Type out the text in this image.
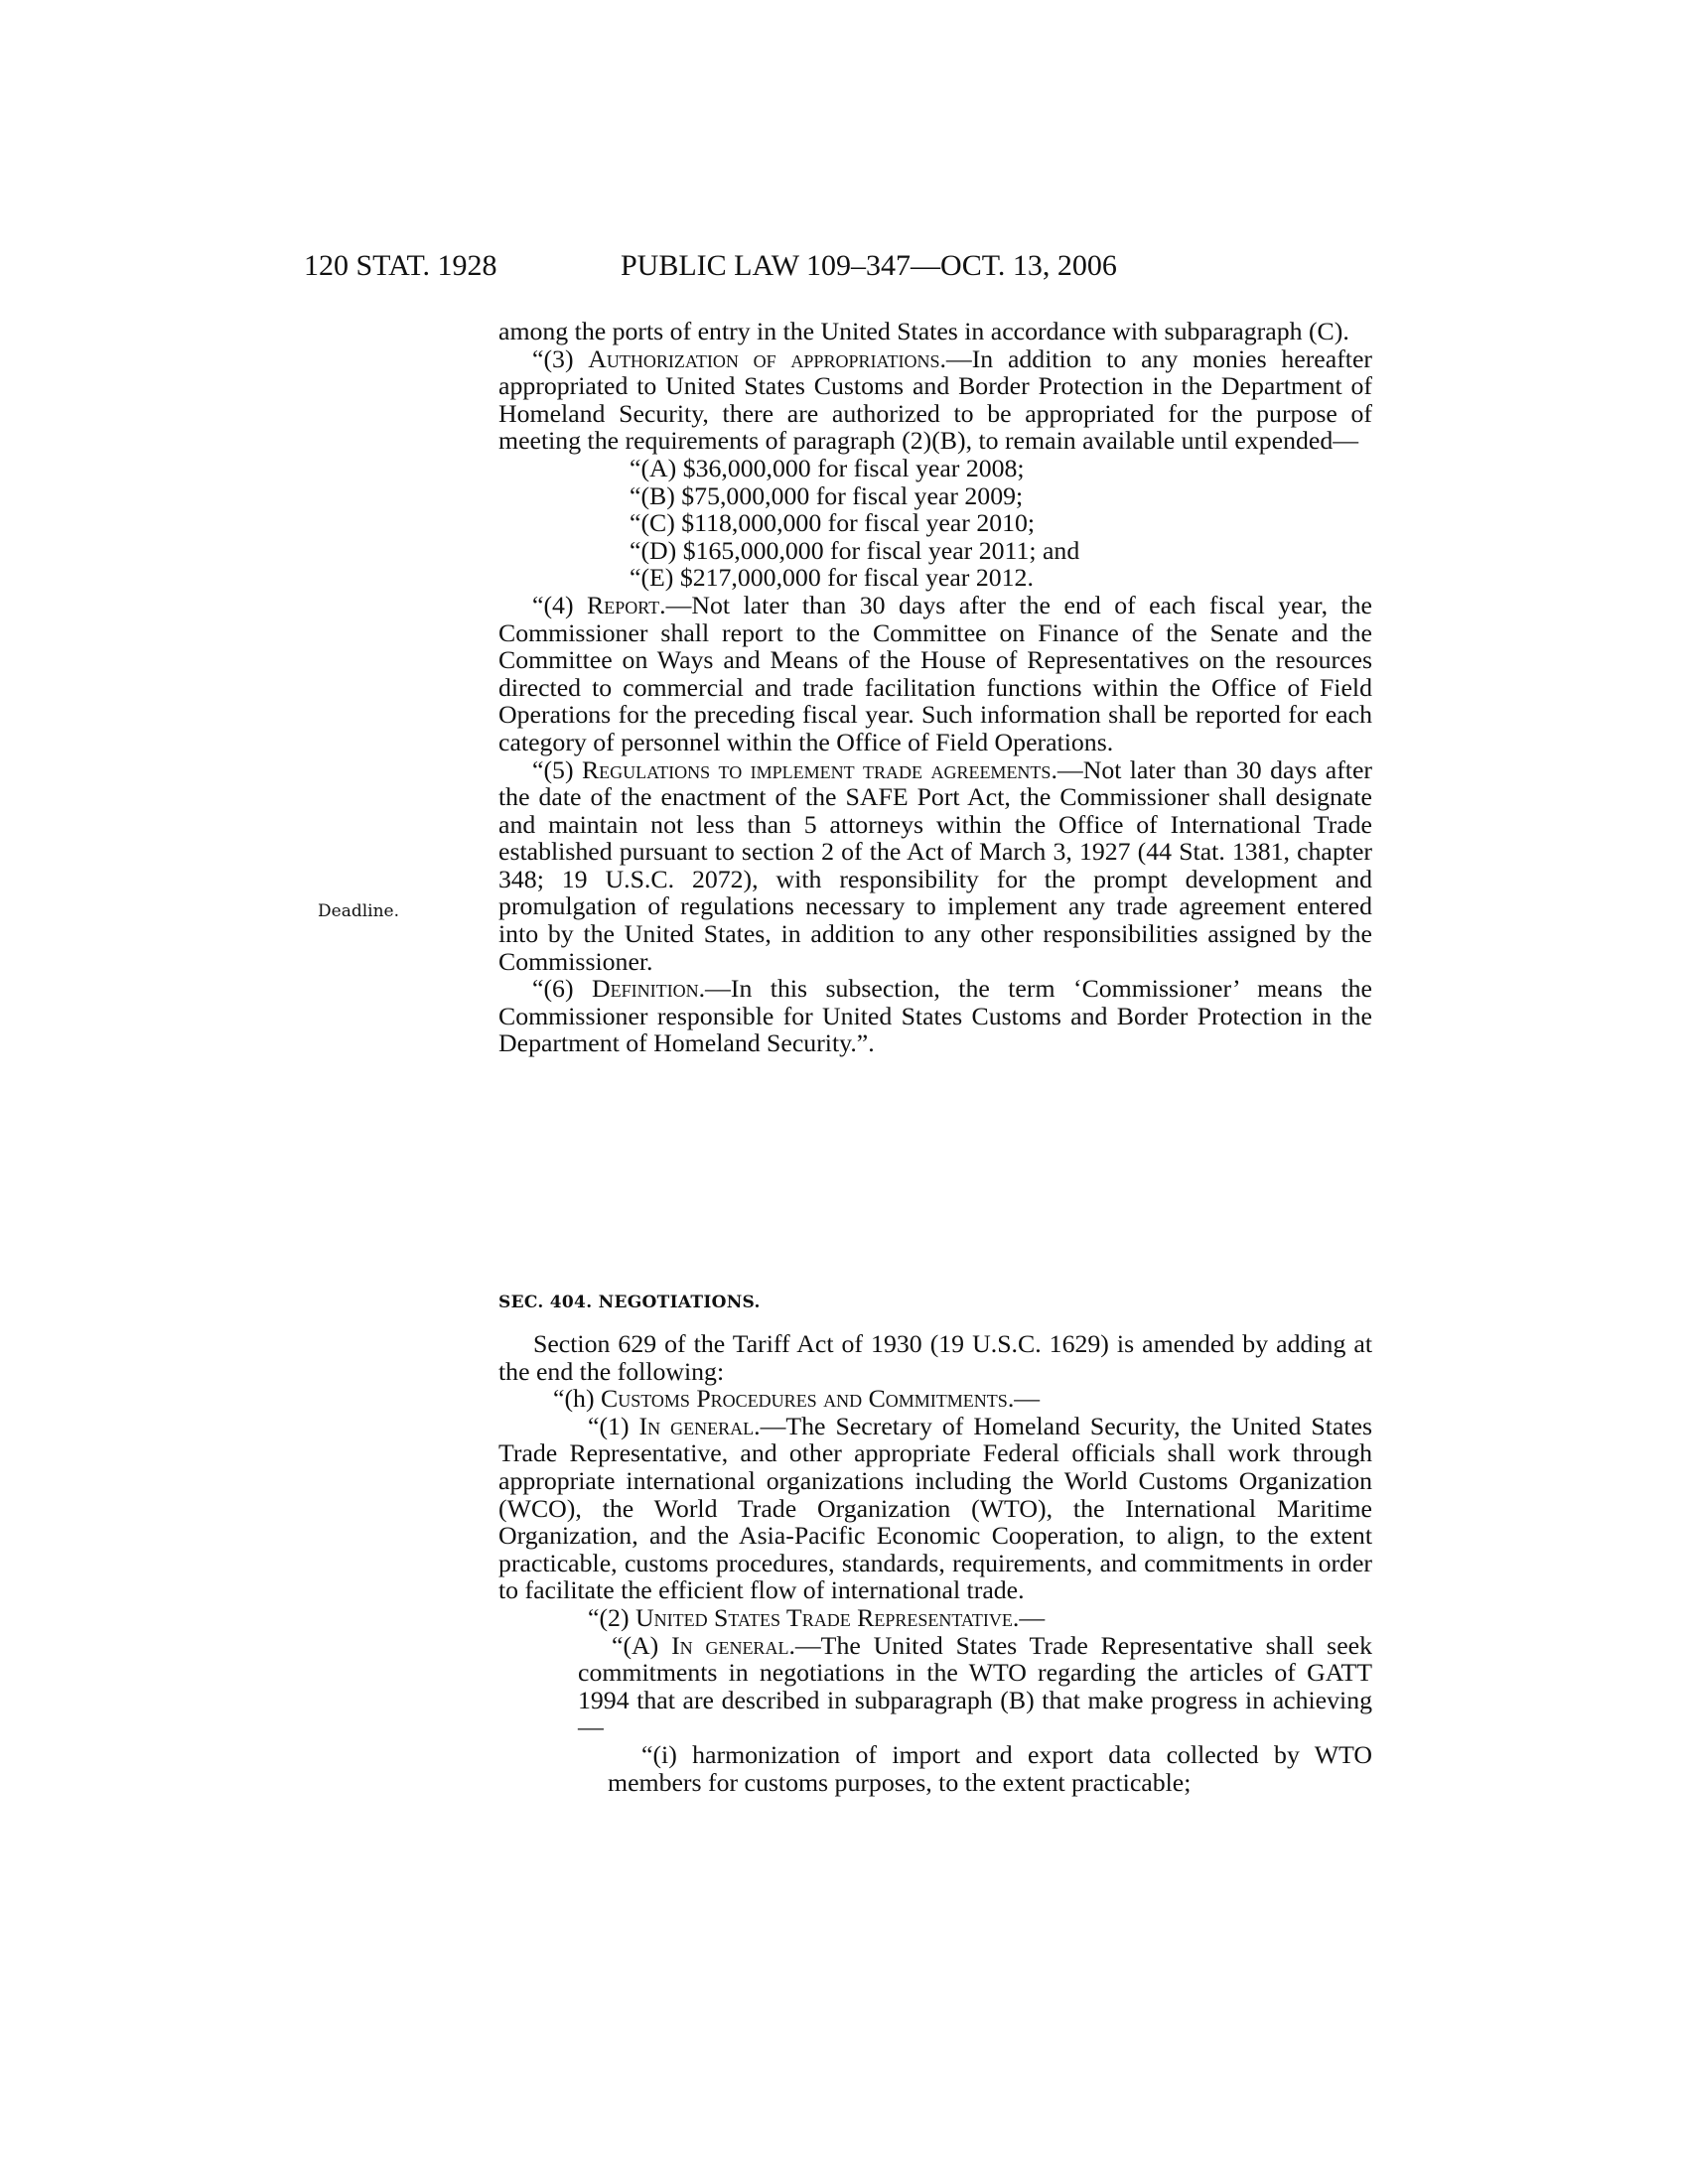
120 STAT. 1928	PUBLIC LAW 109–347—OCT. 13, 2006
Deadline.

among the ports of entry in the United States in accordance with subparagraph (C).

“(3) Authorization of appropriations.—In addition to any monies hereafter appropriated to United States Customs and Border Protection in the Department of Homeland Security, there are authorized to be appropriated for the purpose of meeting the requirements of paragraph (2)(B), to remain available until expended—

“(A) $36,000,000 for fiscal year 2008;

“(B) $75,000,000 for fiscal year 2009;

“(C) $118,000,000 for fiscal year 2010;

“(D) $165,000,000 for fiscal year 2011; and

“(E) $217,000,000 for fiscal year 2012.

“(4) Report.—Not later than 30 days after the end of each fiscal year, the Commissioner shall report to the Committee on Finance of the Senate and the Committee on Ways and Means of the House of Representatives on the resources directed to commercial and trade facilitation functions within the Office of Field Operations for the preceding fiscal year. Such information shall be reported for each category of personnel within the Office of Field Operations.

“(5) Regulations to implement trade agreements.—Not later than 30 days after the date of the enactment of the SAFE Port Act, the Commissioner shall designate and maintain not less than 5 attorneys within the Office of International Trade established pursuant to section 2 of the Act of March 3, 1927 (44 Stat. 1381, chapter 348; 19 U.S.C. 2072), with responsibility for the prompt development and promulgation of regulations necessary to implement any trade agreement entered into by the United States, in addition to any other responsibilities assigned by the Commissioner.

“(6) Definition.—In this subsection, the term ‘Commissioner’ means the Commissioner responsible for United States Customs and Border Protection in the Department of Homeland Security.”.

SEC. 404. NEGOTIATIONS.

Section 629 of the Tariff Act of 1930 (19 U.S.C. 1629) is amended by adding at the end the following:

“(h) Customs Procedures and Commitments.—

“(1) In general.—The Secretary of Homeland Security, the United States Trade Representative, and other appropriate Federal officials shall work through appropriate international organizations including the World Customs Organization (WCO), the World Trade Organization (WTO), the International Maritime Organization, and the Asia-Pacific Economic Cooperation, to align, to the extent practicable, customs procedures, standards, requirements, and commitments in order to facilitate the efficient flow of international trade.

“(2) United States Trade Representative.—

“(A) In general.—The United States Trade Representative shall seek commitments in negotiations in the WTO regarding the articles of GATT 1994 that are described in subparagraph (B) that make progress in achieving—

“(i) harmonization of import and export data collected by WTO members for customs purposes, to the extent practicable;
